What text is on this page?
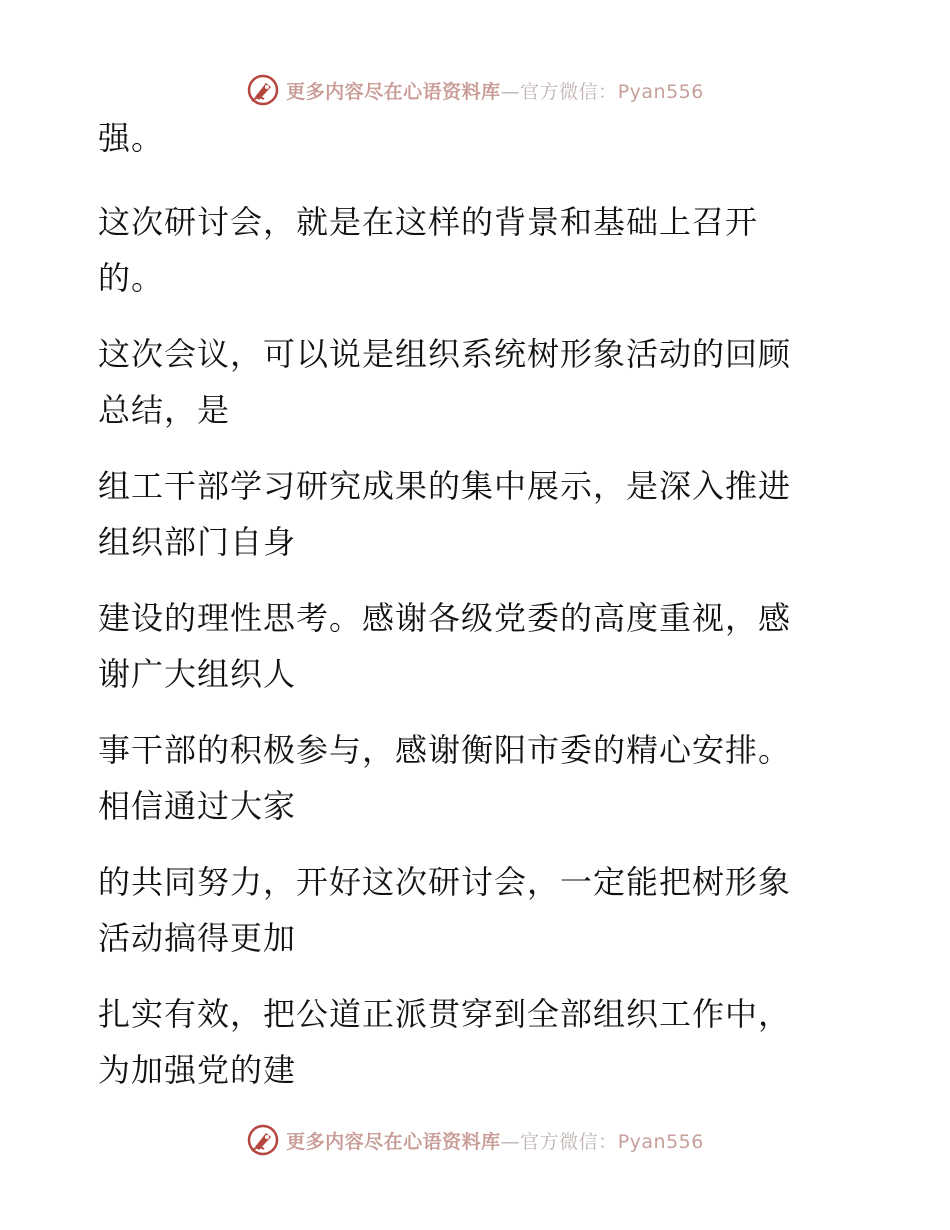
更多内容尽在心语资料库—官方微信：Pyan556
强。
这次研讨会，就是在这样的背景和基础上召开
的。
这次会议，可以说是组织系统树形象活动的回顾
总结，是
组工干部学习研究成果的集中展示，是深入推进
组织部门自身
建设的理性思考。感谢各级党委的高度重视，感
谢广大组织人
事干部的积极参与，感谢衡阳市委的精心安排。
相信通过大家
的共同努力，开好这次研讨会，一定能把树形象
活动搞得更加
扎实有效，把公道正派贯穿到全部组织工作中，
为加强党的建
更多内容尽在心语资料库—官方微信：Pyan556
